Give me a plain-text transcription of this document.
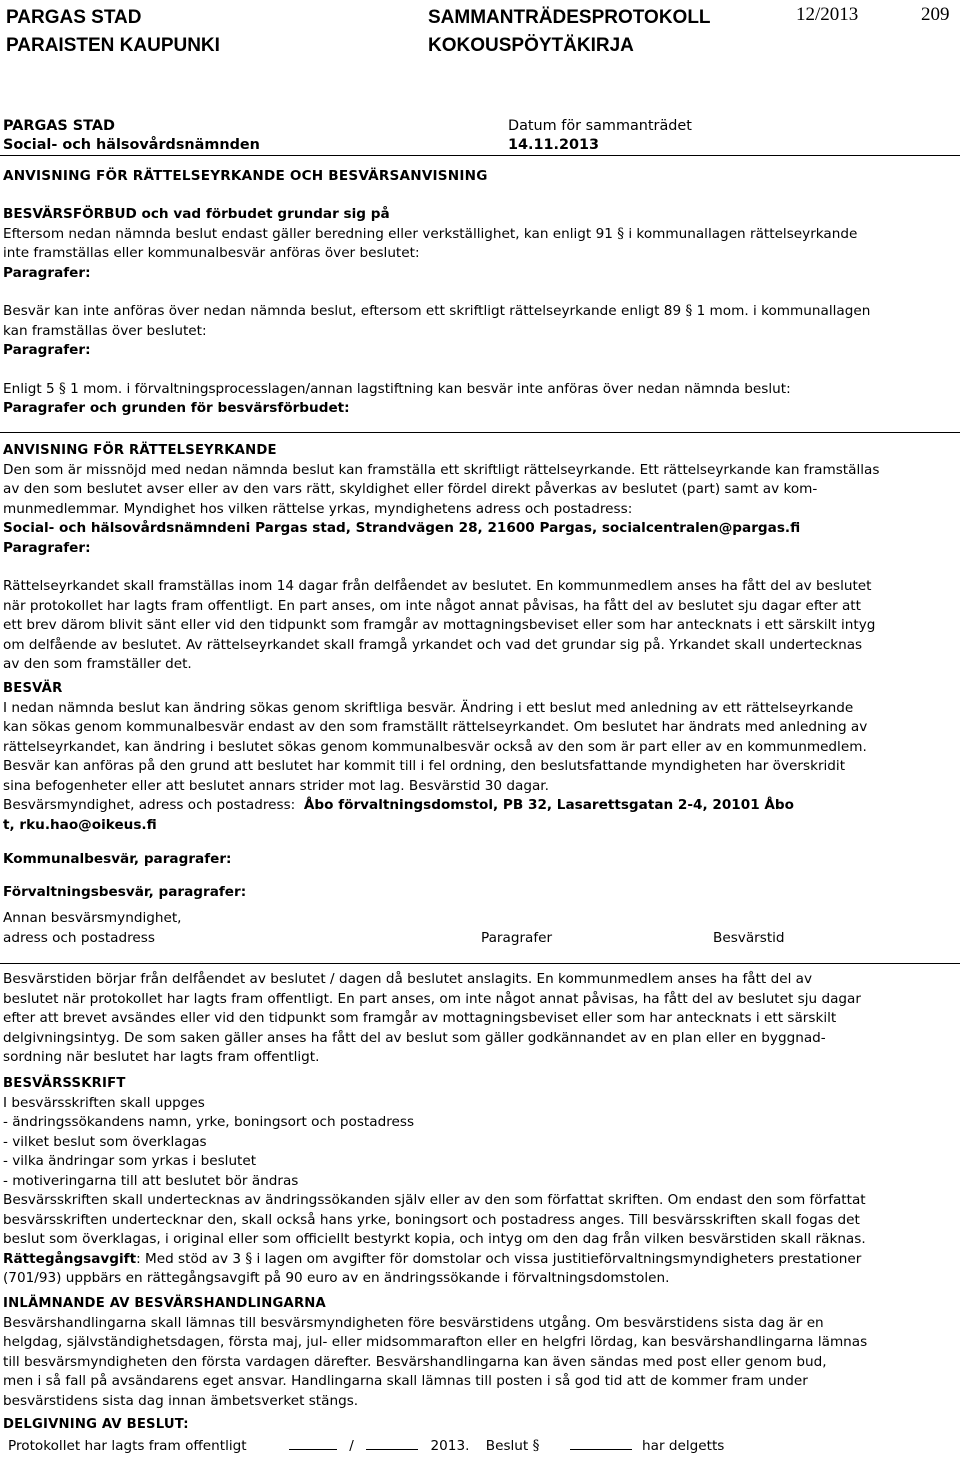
PARGAS STAD
PARAISTEN KAUPUNKI
SAMMANTRÄDESPROTOKOLL
KOKOUSPÖYTÄKIRJA
12/2013	209
PARGAS STAD
Social- och hälsovårdsnämnden
Datum för sammanträdet
14.11.2013
ANVISNING FÖR RÄTTELSEYRKANDE OCH BESVÄRSANVISNING
BESVÄRSFÖRBUD och vad förbudet grundar sig på
Eftersom nedan nämnda beslut endast gäller beredning eller verkställighet, kan enligt 91 § i kommunallagen rättelseyrkande
inte framställas eller kommunalbesvär anföras över beslutet:
Paragrafer:
Besvär kan inte anföras över nedan nämnda beslut, eftersom ett skriftligt rättelseyrkande enligt 89 § 1 mom. i kommunallagen
kan framställas över beslutet:
Paragrafer:
Enligt 5 § 1 mom. i förvaltningsprocesslagen/annan lagstiftning kan besvär inte anföras över nedan nämnda beslut:
Paragrafer och grunden för besvärsförbudet:
ANVISNING FÖR RÄTTELSEYRKANDE
Den som är missnöjd med nedan nämnda beslut kan framställa ett skriftligt rättelseyrkande. Ett rättelseyrkande kan framställas
av den som beslutet avser eller av den vars rätt, skyldighet eller fördel direkt påverkas av beslutet (part) samt av kom-
munmedlemmar. Myndighet hos vilken rättelse yrkas, myndighetens adress och postadress:
Social- och hälsovårdsnämndeni Pargas stad, Strandvägen 28, 21600 Pargas, socialcentralen@pargas.fi
Paragrafer:
Rättelseyrkandet skall framställas inom 14 dagar från delfåendet av beslutet. En kommunmedlem anses ha fått del av beslutet
när protokollet har lagts fram offentligt. En part anses, om inte något annat påvisas, ha fått del av beslutet sju dagar efter att
ett brev därom blivit sänt eller vid den tidpunkt som framgår av mottagningsbeviset eller som har antecknats i ett särskilt intyg
om delfående av beslutet. Av rättelseyrkandet skall framgå yrkandet och vad det grundar sig på. Yrkandet skall undertecknas
av den som framställer det.
BESVÄR
I nedan nämnda beslut kan ändring sökas genom skriftliga besvär. Ändring i ett beslut med anledning av ett rättelseyrkande
kan sökas genom kommunalbesvär endast av den som framställt rättelseyrkandet. Om beslutet har ändrats med anledning av
rättelseyrkandet, kan ändring i beslutet sökas genom kommunalbesvär också av den som är part eller av en kommunmedlem.
Besvär kan anföras på den grund att beslutet har kommit till i fel ordning, den beslutsfattande myndigheten har överskridit
sina befogenheter eller att beslutet annars strider mot lag. Besvärstid 30 dagar.
Besvärsmyndighet, adress och postadress: Åbo förvaltningsdomstol, PB 32, Lasarettsgatan 2-4, 20101 Åbo
t, rku.hao@oikeus.fi
Kommunalbesvär, paragrafer:
Förvaltningsbesvär, paragrafer:
Annan besvärsmyndighet,
adress och postadress	Paragrafer	Besvärstid
Besvärstiden börjar från delfåendet av beslutet / dagen då beslutet anslagits. En kommunmedlem anses ha fått del av
beslutet när protokollet har lagts fram offentligt. En part anses, om inte något annat påvisas, ha fått del av beslutet sju dagar
efter att brevet avsändes eller vid den tidpunkt som framgår av mottagningsbeviset eller som har antecknats i ett särskilt
delgivningsintyg. De som saken gäller anses ha fått del av beslut som gäller godkännandet av en plan eller en byggnad-
sordning när beslutet har lagts fram offentligt.
BESVÄRSSKRIFT
I besvärsskriften skall uppges
- ändringssökandens namn, yrke, boningsort och postadress
- vilket beslut som överklagas
- vilka ändringar som yrkas i beslutet
- motiveringarna till att beslutet bör ändras
Besvärsskriften skall undertecknas av ändringssökanden själv eller av den som författat skriften. Om endast den som författat
besvärsskriften undertecknar den, skall också hans yrke, boningsort och postadress anges. Till besvärsskriften skall fogas det
beslut som överklagas, i original eller som officiellt bestyrkt kopia, och intyg om den dag från vilken besvärstiden skall räknas.
Rättegångsavgift: Med stöd av 3 § i lagen om avgifter för domstolar och vissa justitieförvaltningsmyndigheters prestationer
(701/93) uppbärs en rättegångsavgift på 90 euro av en ändringssökande i förvaltningsdomstolen.
INLÄMNANDE AV BESVÄRSHANDLINGARNA
Besvärshandlingarna skall lämnas till besvärsmyndigheten före besvärstidens utgång. Om besvärstidens sista dag är en
helgdag, självständighetsdagen, första maj, jul- eller midsommarafton eller en helgfri lördag, kan besvärshandlingarna lämnas
till besvärsmyndigheten den första vardagen därefter. Besvärshandlingarna kan även sändas med post eller genom bud,
men i så fall på avsändarens eget ansvar. Handlingarna skall lämnas till posten i så god tid att de kommer fram under
besvärstidens sista dag innan ämbetsverket stängs.
DELGIVNING AV BESLUT:
Protokollet har lagts fram offentligt	/	2013. Beslut §	har delgetts
